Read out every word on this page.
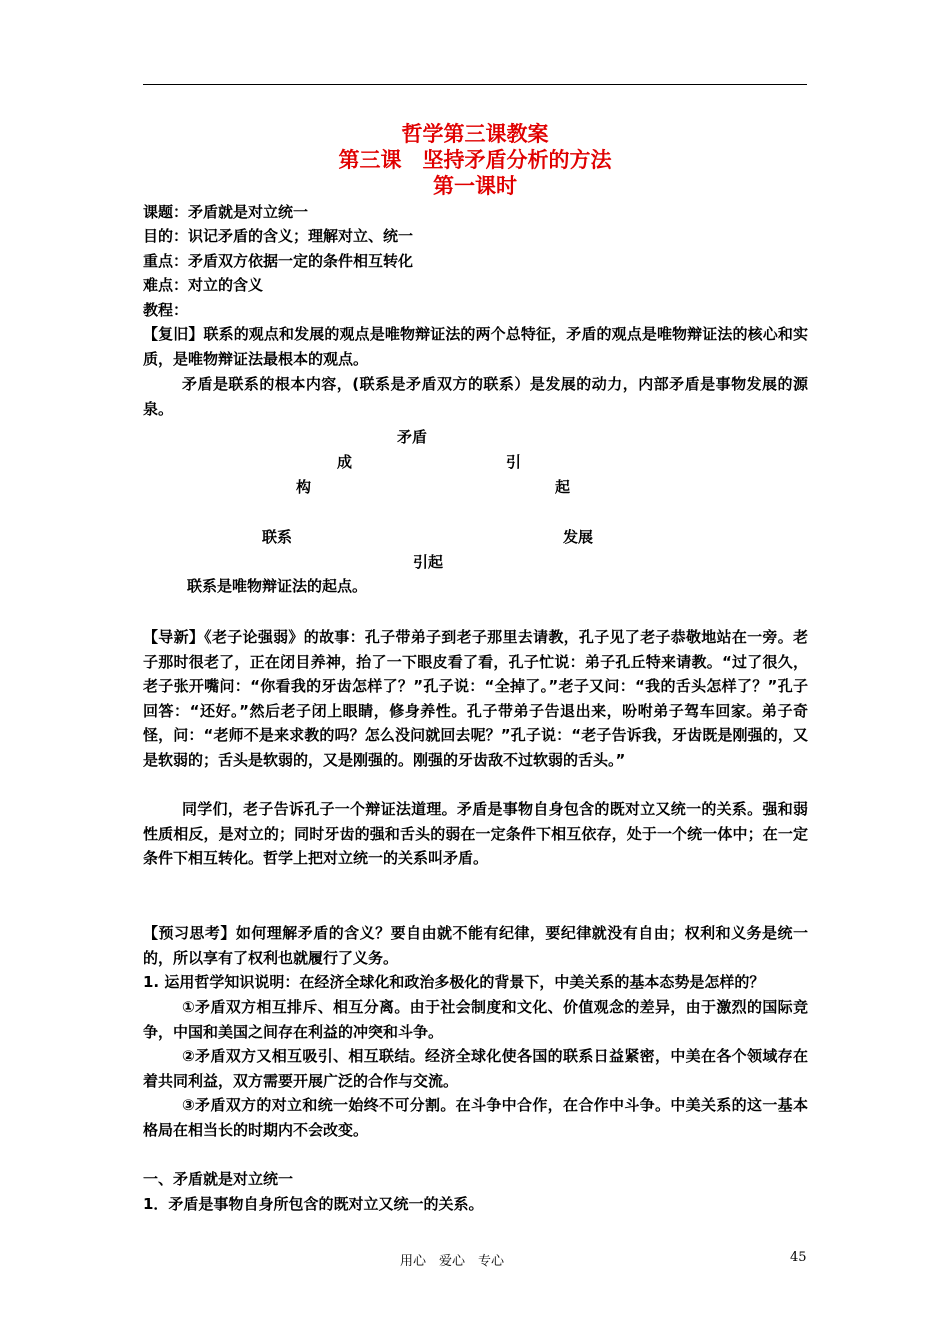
哲学第三课教案
第三课　坚持矛盾分析的方法
第一课时
课题：矛盾就是对立统一
目的：识记矛盾的含义；理解对立、统一
重点：矛盾双方依据一定的条件相互转化
难点：对立的含义
教程：
【复旧】联系的观点和发展的观点是唯物辩证法的两个总特征，矛盾的观点是唯物辩证法的核心和实质，是唯物辩证法最根本的观点。
矛盾是联系的根本内容，(联系是矛盾双方的联系）是发展的动力，内部矛盾是事物发展的源泉。
矛盾
成	引
构	起
联系	发展
引起
联系是唯物辩证法的起点。
【导新】《老子论强弱》的故事：孔子带弟子到老子那里去请教，孔子见了老子恭敬地站在一旁。老子那时很老了，正在闭目养神，抬了一下眼皮看了看，孔子忙说：弟子孔丘特来请教。“过了很久，老子张开嘴问：“你看我的牙齿怎样了？”孔子说：“全掉了。”老子又问：“我的舌头怎样了？”孔子回答：“还好。”然后老子闭上眼睛，修身养性。孔子带弟子告退出来，吩咐弟子驾车回家。弟子奇怪，问：“老师不是来求教的吗？怎么没问就回去呢？”孔子说：“老子告诉我，牙齿既是刚强的，又是软弱的；舌头是软弱的，又是刚强的。刚强的牙齿敌不过软弱的舌头。”
同学们，老子告诉孔子一个辩证法道理。矛盾是事物自身包含的既对立又统一的关系。强和弱性质相反，是对立的；同时牙齿的强和舌头的弱在一定条件下相互依存，处于一个统一体中；在一定条件下相互转化。哲学上把对立统一的关系叫矛盾。
【预习思考】如何理解矛盾的含义？要自由就不能有纪律，要纪律就没有自由；权利和义务是统一的，所以享有了权利也就履行了义务。
1. 运用哲学知识说明：在经济全球化和政治多极化的背景下，中美关系的基本态势是怎样的？
①矛盾双方相互排斥、相互分离。由于社会制度和文化、价值观念的差异，由于激烈的国际竞争，中国和美国之间存在利益的冲突和斗争。
②矛盾双方又相互吸引、相互联结。经济全球化使各国的联系日益紧密，中美在各个领域存在着共同利益，双方需要开展广泛的合作与交流。
③矛盾双方的对立和统一始终不可分割。在斗争中合作，在合作中斗争。中美关系的这一基本格局在相当长的时期内不会改变。
一、矛盾就是对立统一
1．矛盾是事物自身所包含的既对立又统一的关系。
用心　爱心　专心	45
